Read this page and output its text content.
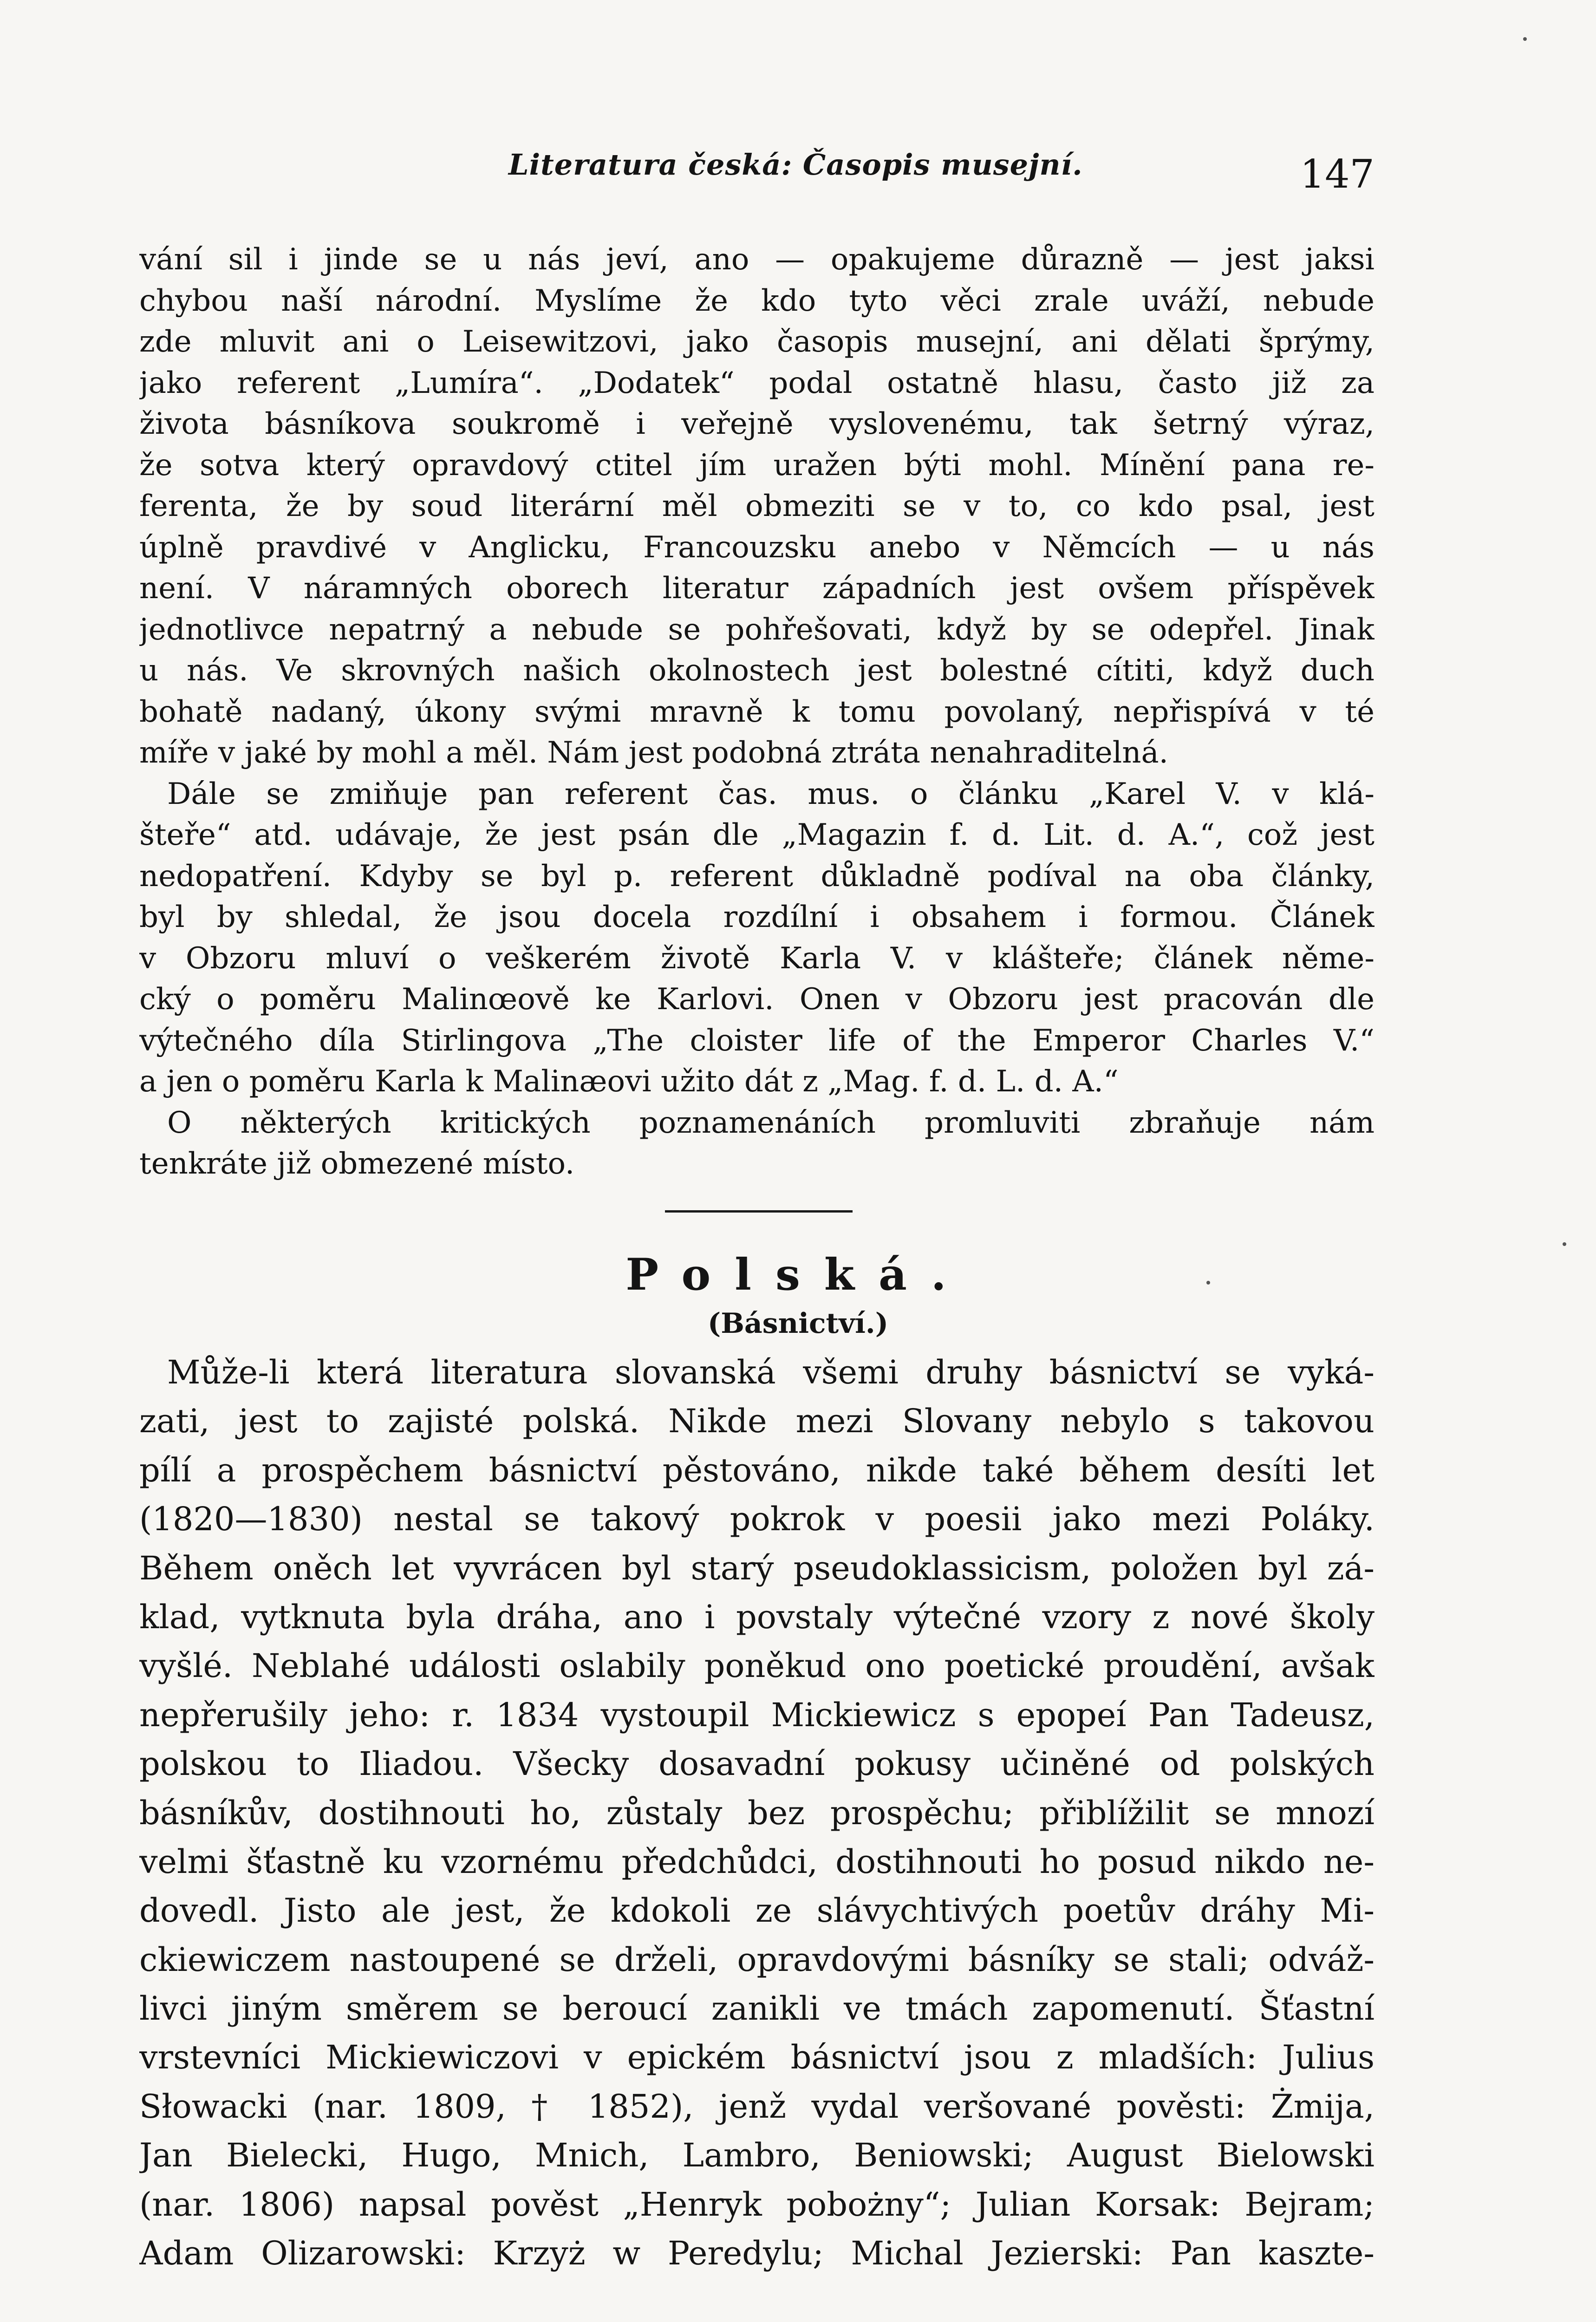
Literatura česká: Časopis musejní.	147
vání sil i jinde se u nás jeví, ano — opakujeme důrazně — jest jaksi
chybou naší národní. Myslíme že kdo tyto věci zrale uváží, nebude
zde mluvit ani o Leisewitzovi, jako časopis musejní, ani dělati šprýmy,
jako referent „Lumíra“. „Dodatek“ podal ostatně hlasu, často již za
života básníkova soukromě i veřejně vyslovenému, tak šetrný výraz,
že sotva který opravdový ctitel jím uražen býti mohl. Mínění pana re-
ferenta, že by soud literární měl obmeziti se v to, co kdo psal, jest
úplně pravdivé v Anglicku, Francouzsku anebo v Němcích — u nás
není. V náramných oborech literatur západních jest ovšem příspěvek
jednotlivce nepatrný a nebude se pohřešovati, když by se odepřel. Jinak
u nás. Ve skrovných našich okolnostech jest bolestné cítiti, když duch
bohatě nadaný, úkony svými mravně k tomu povolaný, nepřispívá v té
míře v jaké by mohl a měl. Nám jest podobná ztráta nenahraditelná.
Dále se zmiňuje pan referent čas. mus. o článku „Karel V. v klá-
šteře“ atd. udávaje, že jest psán dle „Magazin f. d. Lit. d. A.“, což jest
nedopatření. Kdyby se byl p. referent důkladně podíval na oba články,
byl by shledal, že jsou docela rozdílní i obsahem i formou. Článek
v Obzoru mluví o veškerém životě Karla V. v klášteře; článek něme-
cký o poměru Malinœově ke Karlovi. Onen v Obzoru jest pracován dle
výtečného díla Stirlingova „The cloister life of the Emperor Charles V.“
a jen o poměru Karla k Malinæovi užito dát z „Mag. f. d. L. d. A.“
O některých kritických poznamenáních promluviti zbraňuje nám
tenkráte již obmezené místo.
Polská.
(Básnictví.)
Může-li která literatura slovanská všemi druhy básnictví se vyká-
zati, jest to zajisté polská. Nikde mezi Slovany nebylo s takovou
pílí a prospěchem básnictví pěstováno, nikde také během desíti let
(1820—1830) nestal se takový pokrok v poesii jako mezi Poláky.
Během oněch let vyvrácen byl starý pseudoklassicism, položen byl zá-
klad, vytknuta byla dráha, ano i povstaly výtečné vzory z nové školy
vyšlé. Neblahé události oslabily poněkud ono poetické proudění, avšak
nepřerušily jeho: r. 1834 vystoupil Mickiewicz s epopeí Pan Tadeusz,
polskou to Iliadou. Všecky dosavadní pokusy učiněné od polských
básníkův, dostihnouti ho, zůstaly bez prospěchu; přiblížilit se mnozí
velmi šťastně ku vzornému předchůdci, dostihnouti ho posud nikdo ne-
dovedl. Jisto ale jest, že kdokoli ze slávychtivých poetův dráhy Mi-
ckiewiczem nastoupené se drželi, opravdovými básníky se stali; odváž-
livci jiným směrem se beroucí zanikli ve tmách zapomenutí. Šťastní
vrstevníci Mickiewiczovi v epickém básnictví jsou z mladších: Julius
Słowacki (nar. 1809, † 1852), jenž vydal veršované pověsti: Żmija,
Jan Bielecki, Hugo, Mnich, Lambro, Beniowski; August Bielowski
(nar. 1806) napsal pověst „Henryk pobożny“; Julian Korsak: Bejram;
Adam Olizarowski: Krzyż w Peredylu; Michal Jezierski: Pan kaszte-
